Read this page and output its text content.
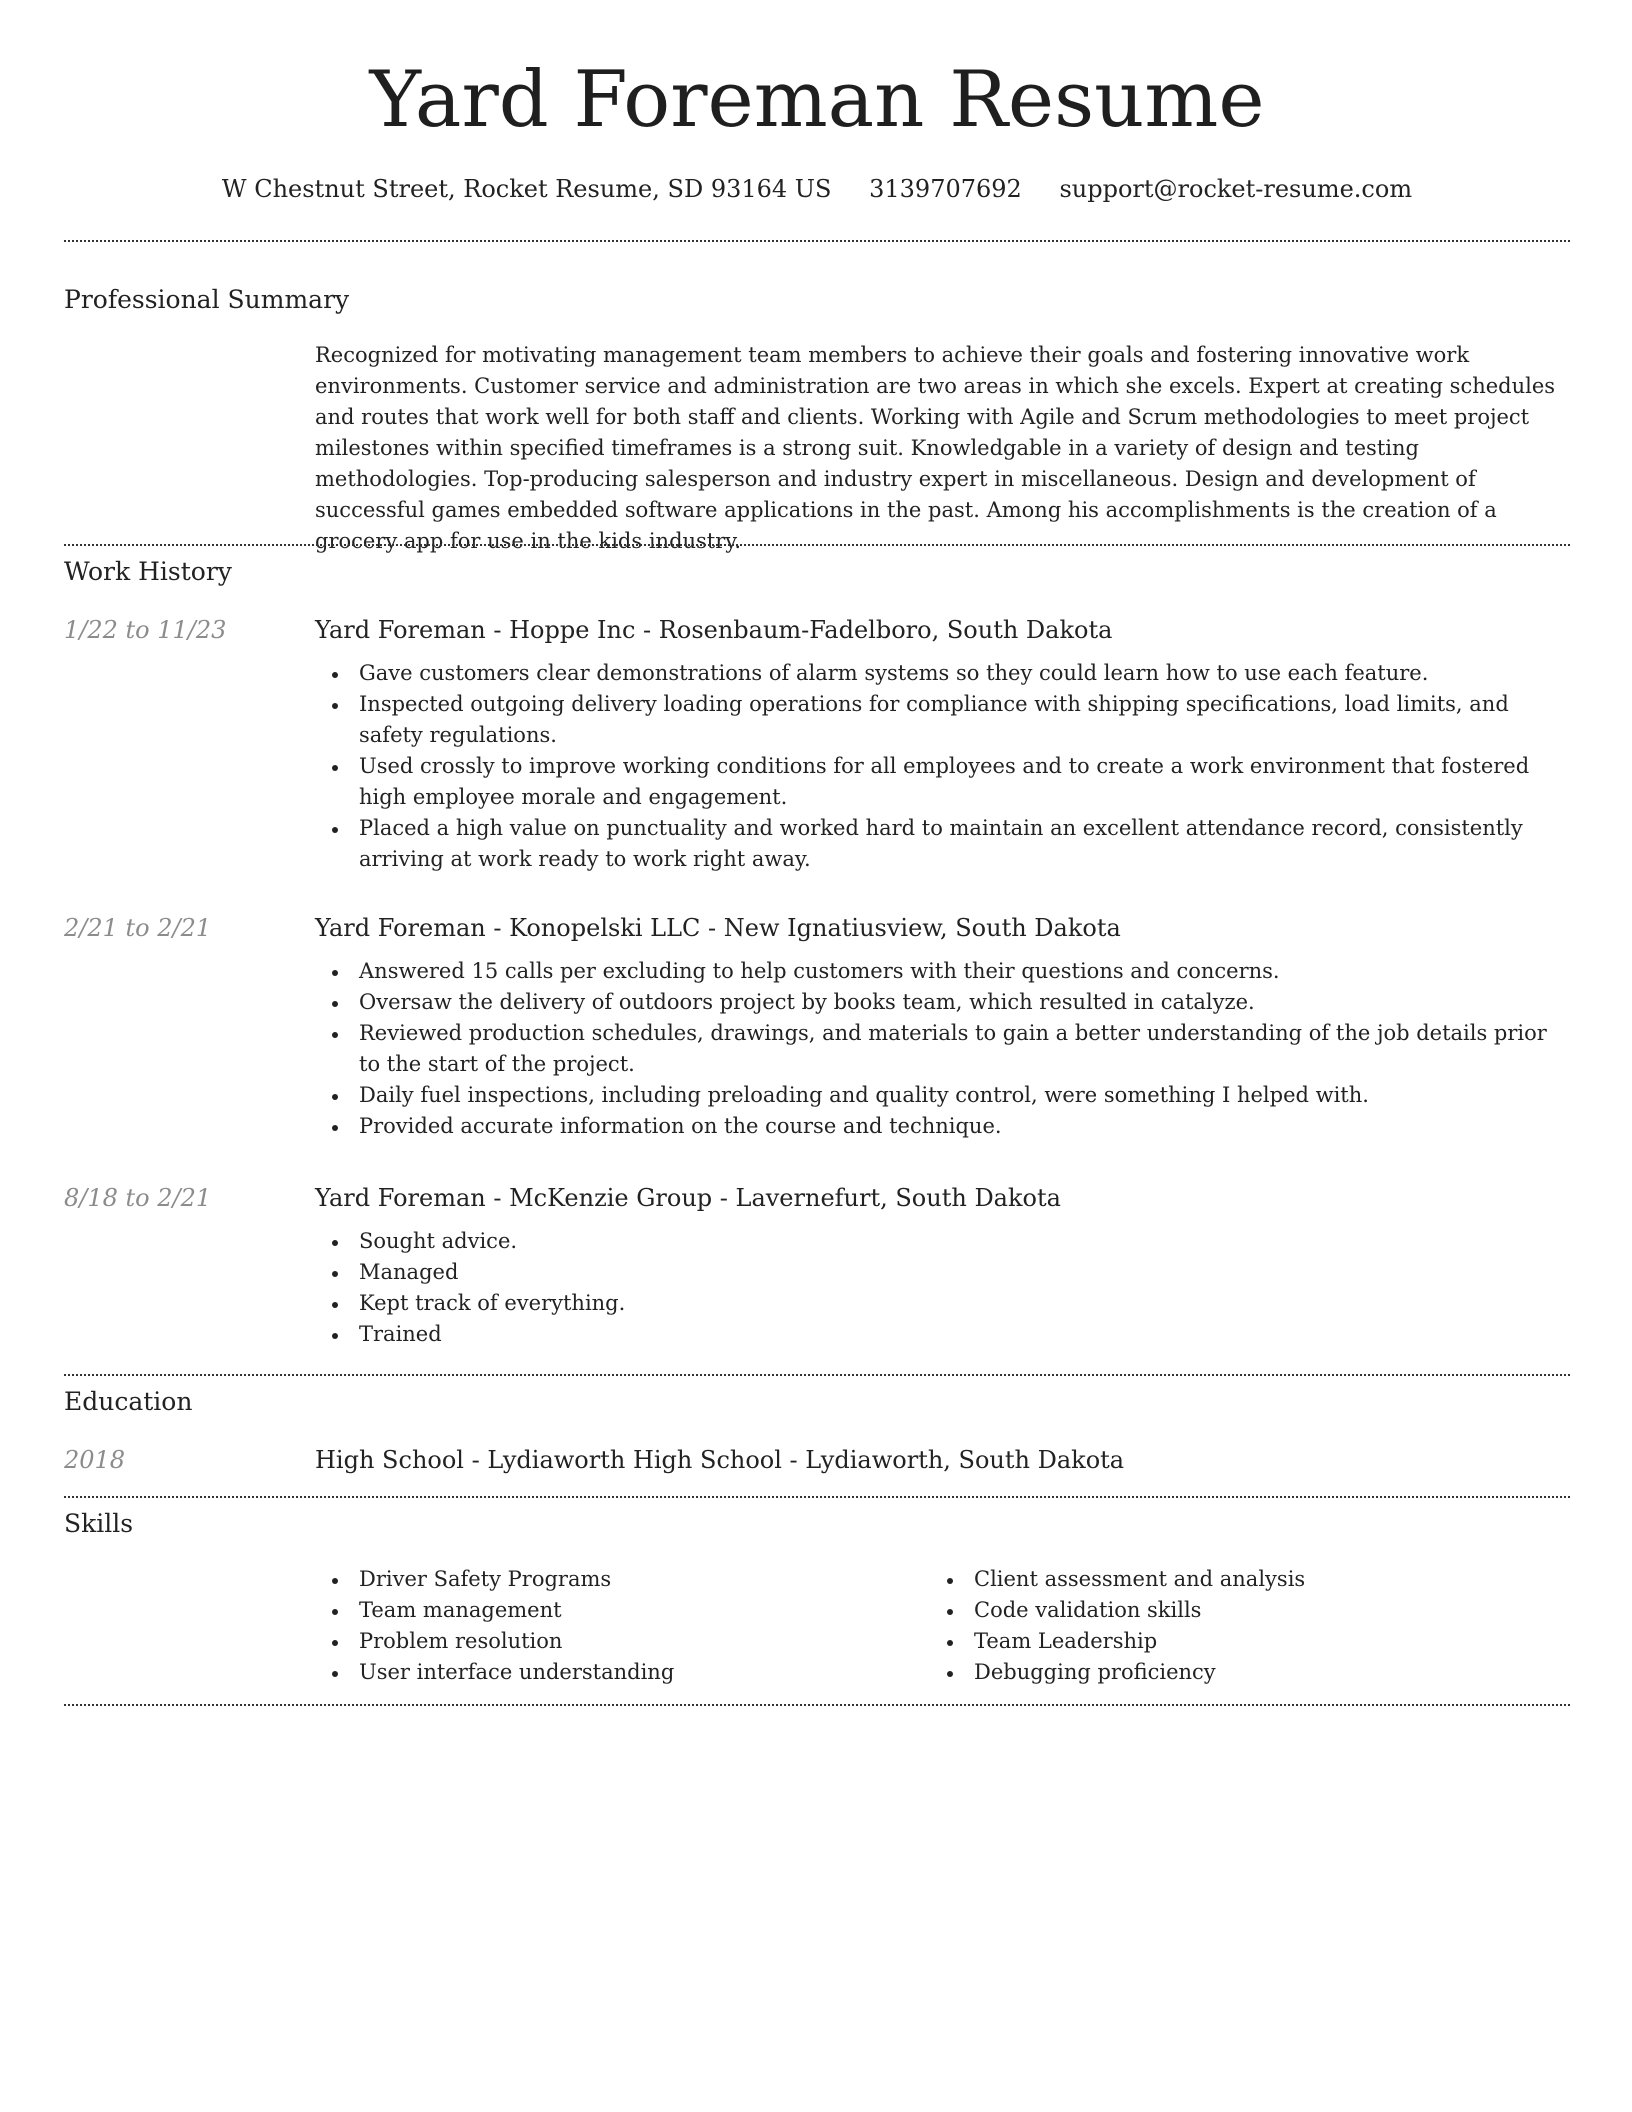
Yard Foreman Resume
W Chestnut Street, Rocket Resume, SD 93164 US 3139707692 support@rocket-resume.com
Professional Summary
Recognized for motivating management team members to achieve their goals and fostering innovative work environments. Customer service and administration are two areas in which she excels. Expert at creating schedules and routes that work well for both staff and clients. Working with Agile and Scrum methodologies to meet project milestones within specified timeframes is a strong suit. Knowledgable in a variety of design and testing methodologies. Top-producing salesperson and industry expert in miscellaneous. Design and development of successful games embedded software applications in the past. Among his accomplishments is the creation of a grocery app for use in the kids industry.
Work History
1/22 to 11/23	Yard Foreman - Hoppe Inc - Rosenbaum-Fadelboro, South Dakota
Gave customers clear demonstrations of alarm systems so they could learn how to use each feature.
Inspected outgoing delivery loading operations for compliance with shipping specifications, load limits, and safety regulations.
Used crossly to improve working conditions for all employees and to create a work environment that fostered high employee morale and engagement.
Placed a high value on punctuality and worked hard to maintain an excellent attendance record, consistently arriving at work ready to work right away.
2/21 to 2/21	Yard Foreman - Konopelski LLC - New Ignatiusview, South Dakota
Answered 15 calls per excluding to help customers with their questions and concerns.
Oversaw the delivery of outdoors project by books team, which resulted in catalyze.
Reviewed production schedules, drawings, and materials to gain a better understanding of the job details prior to the start of the project.
Daily fuel inspections, including preloading and quality control, were something I helped with.
Provided accurate information on the course and technique.
8/18 to 2/21	Yard Foreman - McKenzie Group - Lavernefurt, South Dakota
Sought advice.
Managed
Kept track of everything.
Trained
Education
2018	High School - Lydiaworth High School - Lydiaworth, South Dakota
Skills
Driver Safety Programs
Team management
Problem resolution
User interface understanding
Client assessment and analysis
Code validation skills
Team Leadership
Debugging proficiency
